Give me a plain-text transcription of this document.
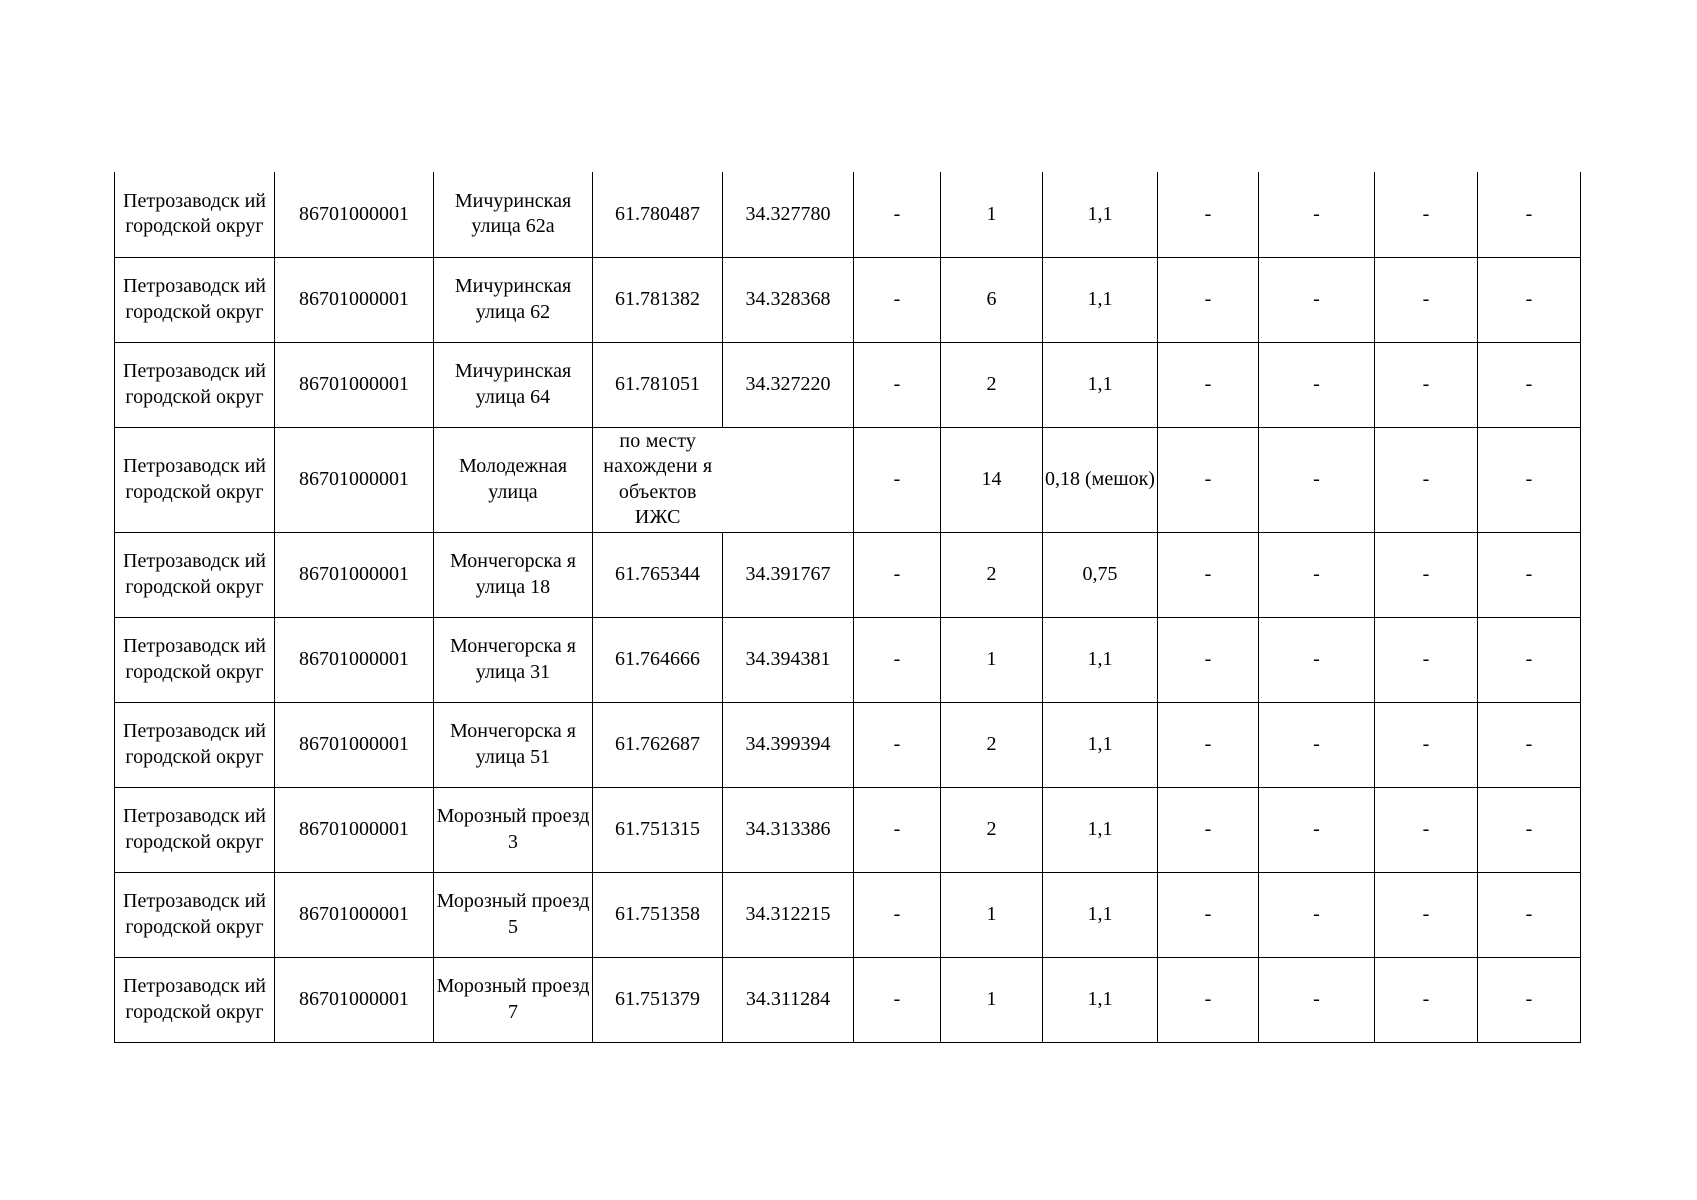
Петрозаводск ий городской округ	86701000001	Мичуринская улица 62а	61.780487	34.327780	-	1	1,1	-	-	-	-
Петрозаводск ий городской округ	86701000001	Мичуринская улица 62	61.781382	34.328368	-	6	1,1	-	-	-	-
Петрозаводск ий городской округ	86701000001	Мичуринская улица 64	61.781051	34.327220	-	2	1,1	-	-	-	-
Петрозаводск ий городской округ	86701000001	Молодежная улица	по месту нахождени я объектов ИЖС		-	14	0,18 (мешок)	-	-	-	-
Петрозаводск ий городской округ	86701000001	Мончегорска я улица 18	61.765344	34.391767	-	2	0,75	-	-	-	-
Петрозаводск ий городской округ	86701000001	Мончегорска я улица 31	61.764666	34.394381	-	1	1,1	-	-	-	-
Петрозаводск ий городской округ	86701000001	Мончегорска я улица 51	61.762687	34.399394	-	2	1,1	-	-	-	-
Петрозаводск ий городской округ	86701000001	Морозный проезд 3	61.751315	34.313386	-	2	1,1	-	-	-	-
Петрозаводск ий городской округ	86701000001	Морозный проезд 5	61.751358	34.312215	-	1	1,1	-	-	-	-
Петрозаводск ий городской округ	86701000001	Морозный проезд 7	61.751379	34.311284	-	1	1,1	-	-	-	-
